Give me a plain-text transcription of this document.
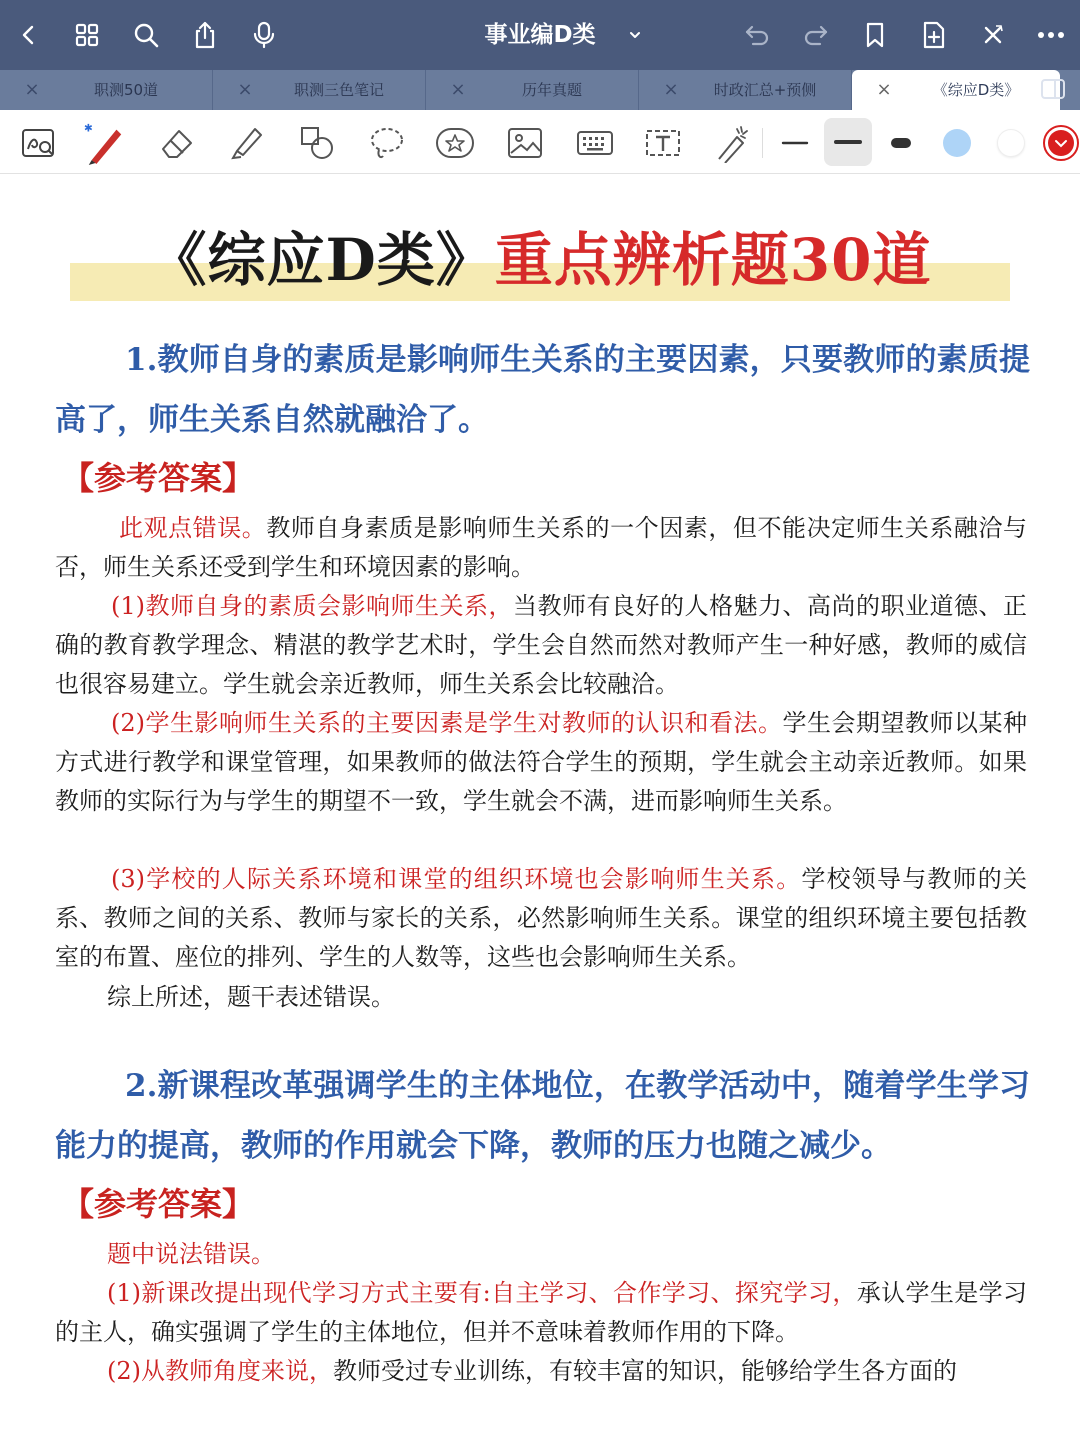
事业编D类
×	职测50道	×	职测三色笔记	×	历年真题	×	时政汇总+预侧	×	《综应D类》
✱
《综应D类》重点辨析题30道
1.教师自身的素质是影响师生关系的主要因素，只要教师的素质提高了，师生关系自然就融洽了。
【参考答案】
此观点错误。教师自身素质是影响师生关系的一个因素，但不能决定师生关系融洽与否，师生关系还受到学生和环境因素的影响。
(1)教师自身的素质会影响师生关系，当教师有良好的人格魅力、高尚的职业道德、正确的教育教学理念、精湛的教学艺术时，学生会自然而然对教师产生一种好感，教师的威信也很容易建立。学生就会亲近教师，师生关系会比较融洽。
(2)学生影响师生关系的主要因素是学生对教师的认识和看法。学生会期望教师以某种方式进行教学和课堂管理，如果教师的做法符合学生的预期，学生就会主动亲近教师。如果教师的实际行为与学生的期望不一致，学生就会不满，进而影响师生关系。
(3)学校的人际关系环境和课堂的组织环境也会影响师生关系。学校领导与教师的关系、教师之间的关系、教师与家长的关系，必然影响师生关系。课堂的组织环境主要包括教室的布置、座位的排列、学生的人数等，这些也会影响师生关系。
综上所述，题干表述错误。
2.新课程改革强调学生的主体地位，在教学活动中，随着学生学习能力的提高，教师的作用就会下降，教师的压力也随之减少。
【参考答案】
题中说法错误。
(1)新课改提出现代学习方式主要有:自主学习、合作学习、探究学习，承认学生是学习的主人，确实强调了学生的主体地位，但并不意味着教师作用的下降。
(2)从教师角度来说，教师受过专业训练，有较丰富的知识，能够给学生各方面的
